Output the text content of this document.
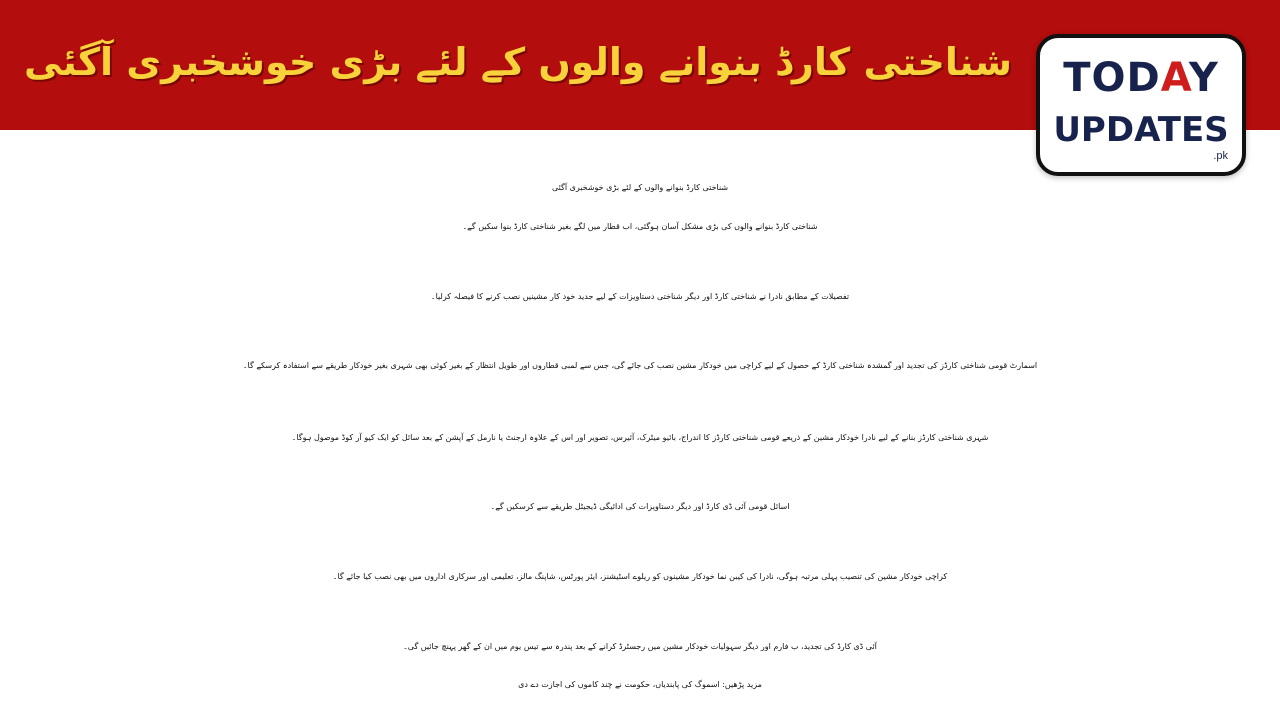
شناختی کارڈ بنوانے والوں کے لئے بڑی خوشخبری آگئی	TODAY
UPDATES
.pk

شناختی کارڈ بنوانے والوں کے لئے بڑی خوشخبری آگئی

شناختی کارڈ بنوانے والوں کی بڑی مشکل آسان ہوگئی، اب قطار میں لگے بغیر شناختی کارڈ بنوا سکیں گے۔

تفصیلات کے مطابق نادرا نے شناختی کارڈ اور دیگر شناختی دستاویزات کے لیے جدید خود کار مشینیں نصب کرنے کا فیصلہ کرلیا۔

اسمارٹ قومی شناختی کارڈز کی تجدید اور گمشدہ شناختی کارڈ کے حصول کے لیے کراچی میں خودکار مشین نصب کی جائے گی، جس سے لمبی قطاروں اور طویل انتظار کے بغیر کوئی بھی شہری بغیر خودکار طریقے سے استفادہ کرسکے گا۔

شہری شناختی کارڈز بنانے کے لیے نادرا خودکار مشین کے ذریعے قومی شناختی کارڈز کا اندراج، بائیو میٹرک، آئیرس، تصویر اور اس کے علاوہ ارجنٹ یا نارمل کے آپشن کے بعد سائل کو ایک کیو آر کوڈ موصول ہوگا۔

اسائل قومی آئی ڈی کارڈ اور دیگر دستاویزات کی ادائیگی ڈیجیٹل طریقے سے کرسکیں گے۔

کراچی خودکار مشین کی تنصیب پہلی مرتبہ ہوگی، نادرا کی کیبن نما خودکار مشینوں کو ریلوے اسٹیشنز، ایئر پورٹس، شاپنگ مالز، تعلیمی اور سرکاری اداروں میں بھی نصب کیا جائے گا۔

آئی ڈی کارڈ کی تجدید، ب فارم اور دیگر سہولیات خودکار مشین میں رجسٹرڈ کرانے کے بعد پندرہ سے تیس یوم میں ان کے گھر پہنچ جائیں گی۔

مزید پڑھیں: اسموگ کی پابندیاں، حکومت نے چند کاموں کی اجازت دے دی
